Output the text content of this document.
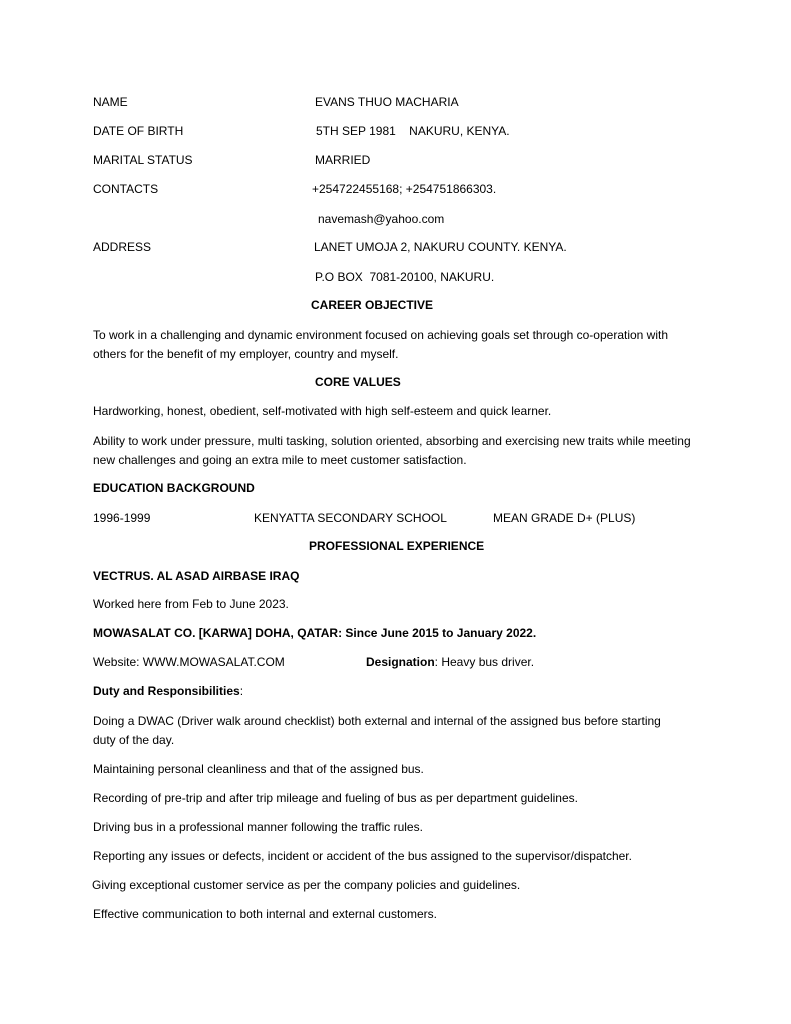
NAME	EVANS THUO MACHARIA
DATE OF BIRTH	5TH SEP 1981    NAKURU, KENYA.
MARITAL STATUS	MARRIED
CONTACTS	+254722455168; +254751866303.
navemash@yahoo.com
ADDRESS	LANET UMOJA 2, NAKURU COUNTY. KENYA.
P.O BOX  7081-20100, NAKURU.
CAREER OBJECTIVE
To work in a challenging and dynamic environment focused on achieving goals set through co-operation with others for the benefit of my employer, country and myself.
CORE VALUES
Hardworking, honest, obedient, self-motivated with high self-esteem and quick learner.
Ability to work under pressure, multi tasking, solution oriented, absorbing and exercising new traits while meeting new challenges and going an extra mile to meet customer satisfaction.
EDUCATION BACKGROUND
1996-1999	KENYATTA SECONDARY SCHOOL	MEAN GRADE D+ (PLUS)
PROFESSIONAL EXPERIENCE
VECTRUS. AL ASAD AIRBASE IRAQ
Worked here from Feb to June 2023.
MOWASALAT CO. [KARWA] DOHA, QATAR: Since June 2015 to January 2022.
Website: WWW.MOWASALAT.COM	Designation: Heavy bus driver.
Duty and Responsibilities:
Doing a DWAC (Driver walk around checklist) both external and internal of the assigned bus before starting duty of the day.
Maintaining personal cleanliness and that of the assigned bus.
Recording of pre-trip and after trip mileage and fueling of bus as per department guidelines.
Driving bus in a professional manner following the traffic rules.
Reporting any issues or defects, incident or accident of the bus assigned to the supervisor/dispatcher.
Giving exceptional customer service as per the company policies and guidelines.
Effective communication to both internal and external customers.
